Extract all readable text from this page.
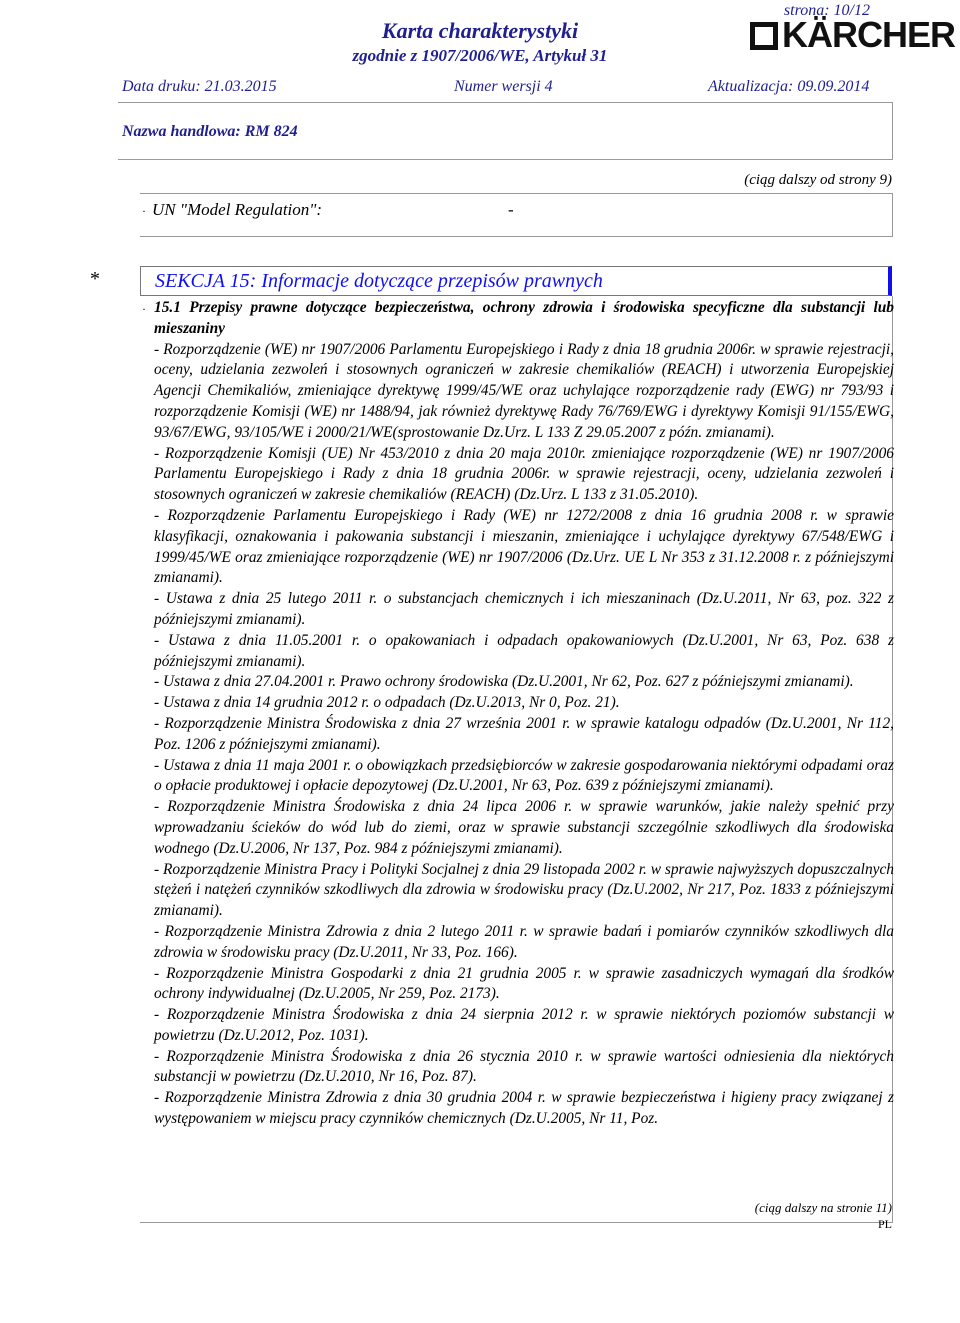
strona: 10/12
Karta charakterystyki
zgodnie z 1907/2006/WE, Artykuł 31
KÄRCHER
Data druku: 21.03.2015	Numer wersji 4	Aktualizacja: 09.09.2014
Nazwa handlowa: RM 824
(ciąg dalszy od strony 9)
· UN "Model Regulation":	-
*	SEKCJA 15: Informacje dotyczące przepisów prawnych
· 15.1 Przepisy prawne dotyczące bezpieczeństwa, ochrony zdrowia i środowiska specyficzne dla substancji lub mieszaniny

- Rozporządzenie (WE) nr 1907/2006 Parlamentu Europejskiego i Rady z dnia 18 grudnia 2006r. w sprawie rejestracji, oceny, udzielania zezwoleń i stosownych ograniczeń w zakresie chemikaliów (REACH) i utworzenia Europejskiej Agencji Chemikaliów, zmieniające dyrektywę 1999/45/WE oraz uchylające rozporządzenie rady (EWG) nr 793/93 i rozporządzenie Komisji (WE) nr 1488/94, jak również dyrektywę Rady 76/769/EWG i dyrektywy Komisji 91/155/EWG, 93/67/EWG, 93/105/WE i 2000/21/WE(sprostowanie Dz.Urz. L 133 Z 29.05.2007 z późn. zmianami).

- Rozporządzenie Komisji (UE) Nr 453/2010 z dnia 20 maja 2010r. zmieniające rozporządzenie (WE) nr 1907/2006 Parlamentu Europejskiego i Rady z dnia 18 grudnia 2006r. w sprawie rejestracji, oceny, udzielania zezwoleń i stosownych ograniczeń w zakresie chemikaliów (REACH) (Dz.Urz. L 133 z 31.05.2010).

- Rozporządzenie Parlamentu Europejskiego i Rady (WE) nr 1272/2008 z dnia 16 grudnia 2008 r. w sprawie klasyfikacji, oznakowania i pakowania substancji i mieszanin, zmieniające i uchylające dyrektywy 67/548/EWG i 1999/45/WE oraz zmieniające rozporządzenie (WE) nr 1907/2006 (Dz.Urz. UE L Nr 353 z 31.12.2008 r. z późniejszymi zmianami).

- Ustawa z dnia 25 lutego 2011 r. o substancjach chemicznych i ich mieszaninach (Dz.U.2011, Nr 63, poz. 322 z późniejszymi zmianami).

- Ustawa z dnia 11.05.2001 r. o opakowaniach i odpadach opakowaniowych (Dz.U.2001, Nr 63, Poz. 638 z późniejszymi zmianami).

- Ustawa z dnia 27.04.2001 r. Prawo ochrony środowiska (Dz.U.2001, Nr 62, Poz. 627 z późniejszymi zmianami).

- Ustawa z dnia 14 grudnia 2012 r. o odpadach (Dz.U.2013, Nr 0, Poz. 21).

- Rozporządzenie Ministra Środowiska z dnia 27 września 2001 r. w sprawie katalogu odpadów (Dz.U.2001, Nr 112, Poz. 1206 z późniejszymi zmianami).

- Ustawa z dnia 11 maja 2001 r. o obowiązkach przedsiębiorców w zakresie gospodarowania niektórymi odpadami oraz o opłacie produktowej i opłacie depozytowej (Dz.U.2001, Nr 63, Poz. 639 z późniejszymi zmianami).

- Rozporządzenie Ministra Środowiska z dnia 24 lipca 2006 r. w sprawie warunków, jakie należy spełnić przy wprowadzaniu ścieków do wód lub do ziemi, oraz w sprawie substancji szczególnie szkodliwych dla środowiska wodnego (Dz.U.2006, Nr 137, Poz. 984 z późniejszymi zmianami).

- Rozporządzenie Ministra Pracy i Polityki Socjalnej z dnia 29 listopada 2002 r. w sprawie najwyższych dopuszczalnych stężeń i natężeń czynników szkodliwych dla zdrowia w środowisku pracy (Dz.U.2002, Nr 217, Poz. 1833 z późniejszymi zmianami).

- Rozporządzenie Ministra Zdrowia z dnia 2 lutego 2011 r. w sprawie badań i pomiarów czynników szkodliwych dla zdrowia w środowisku pracy (Dz.U.2011, Nr 33, Poz. 166).

- Rozporządzenie Ministra Gospodarki z dnia 21 grudnia 2005 r. w sprawie zasadniczych wymagań dla środków ochrony indywidualnej (Dz.U.2005, Nr 259, Poz. 2173).

- Rozporządzenie Ministra Środowiska z dnia 24 sierpnia 2012 r. w sprawie niektórych poziomów substancji w powietrzu (Dz.U.2012, Poz. 1031).

- Rozporządzenie Ministra Środowiska z dnia 26 stycznia 2010 r. w sprawie wartości odniesienia dla niektórych substancji w powietrzu (Dz.U.2010, Nr 16, Poz. 87).

- Rozporządzenie Ministra Zdrowia z dnia 30 grudnia 2004 r. w sprawie bezpieczeństwa i higieny pracy związanej z występowaniem w miejscu pracy czynników chemicznych (Dz.U.2005, Nr 11, Poz.

(ciąg dalszy na stronie 11)
PL
